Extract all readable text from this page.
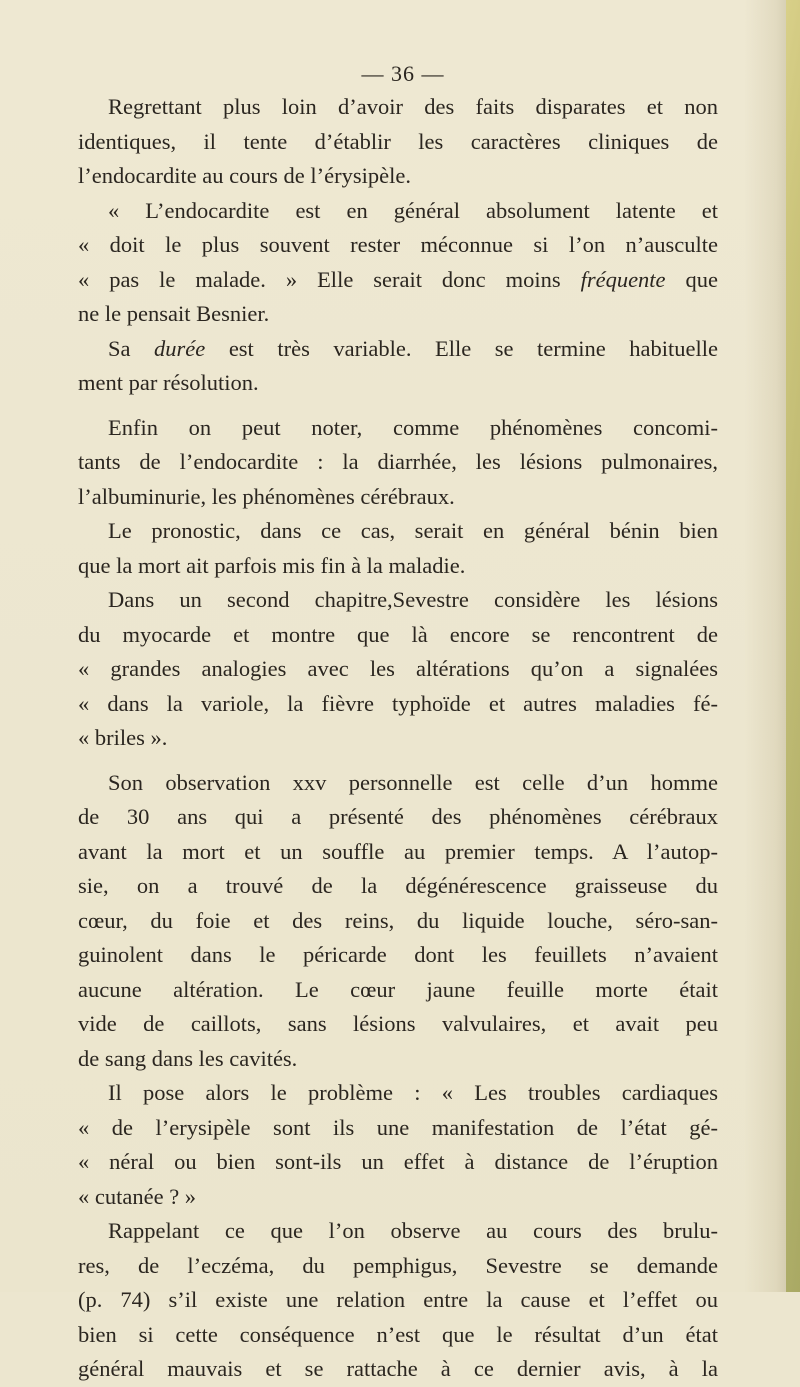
— 36 —
Regrettant plus loin d’avoir des faits disparates et non
identiques, il tente d’établir les caractères cliniques de
l’endocardite au cours de l’érysipèle.
« L’endocardite est en général absolument latente et
« doit le plus souvent rester méconnue si l’on n’ausculte
« pas le malade. » Elle serait donc moins fréquente que
ne le pensait Besnier.
Sa durée est très variable. Elle se termine habituelle
ment par résolution.
Enfin on peut noter, comme phénomènes concomi-
tants de l’endocardite : la diarrhée, les lésions pulmonaires,
l’albuminurie, les phénomènes cérébraux.
Le pronostic, dans ce cas, serait en général bénin bien
que la mort ait parfois mis fin à la maladie.
Dans un second chapitre,Sevestre considère les lésions
du myocarde et montre que là encore se rencontrent de
« grandes analogies avec les altérations qu’on a signalées
« dans la variole, la fièvre typhoïde et autres maladies fé-
« briles ».
Son observation xxv personnelle est celle d’un homme
de 30 ans qui a présenté des phénomènes cérébraux
avant la mort et un souffle au premier temps. A l’autop-
sie, on a trouvé de la dégénérescence graisseuse du
cœur, du foie et des reins, du liquide louche, séro-san-
guinolent dans le péricarde dont les feuillets n’avaient
aucune altération. Le cœur jaune feuille morte était
vide de caillots, sans lésions valvulaires, et avait peu
de sang dans les cavités.
Il pose alors le problème : « Les troubles cardiaques
« de l’erysipèle sont ils une manifestation de l’état gé-
« néral ou bien sont-ils un effet à distance de l’éruption
« cutanée ? »
Rappelant ce que l’on observe au cours des brulu-
res, de l’eczéma, du pemphigus, Sevestre se demande
(p. 74) s’il existe une relation entre la cause et l’effet ou
bien si cette conséquence n’est que le résultat d’un état
général mauvais et se rattache à ce dernier avis, à la
